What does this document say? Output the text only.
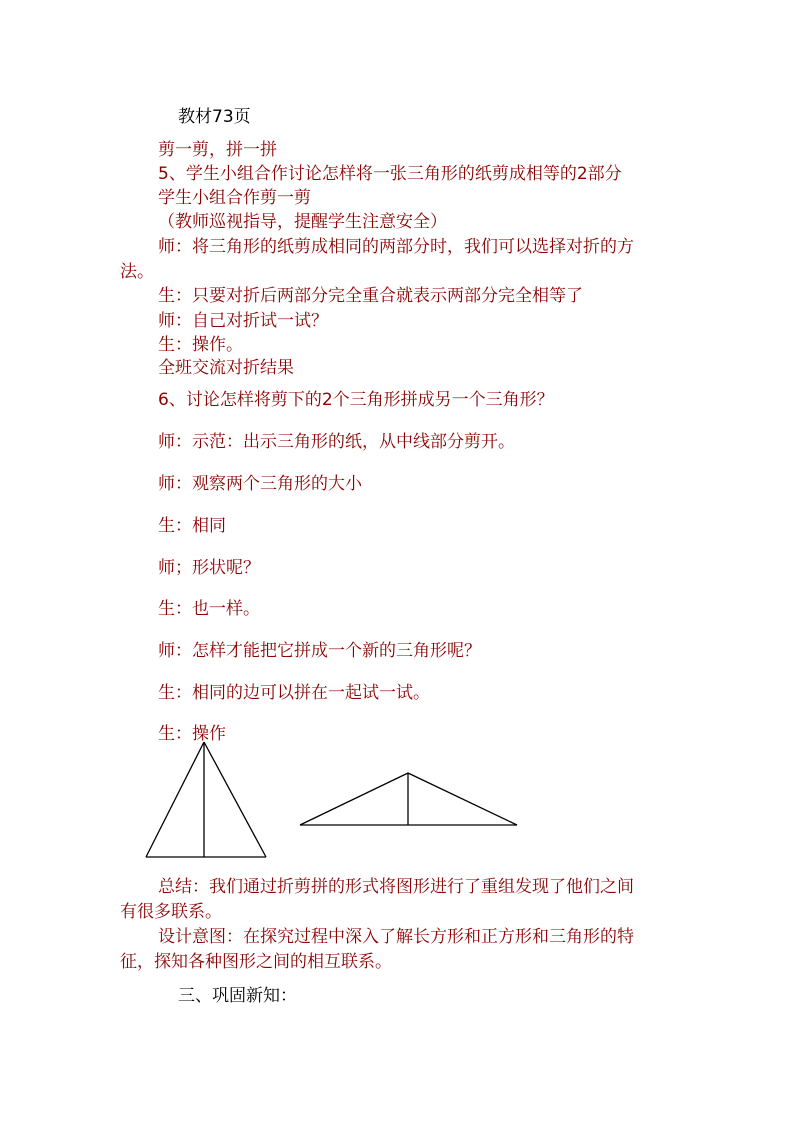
教材73页
剪一剪，拼一拼
5、学生小组合作讨论怎样将一张三角形的纸剪成相等的2部分
学生小组合作剪一剪
（教师巡视指导，提醒学生注意安全）
师：将三角形的纸剪成相同的两部分时，我们可以选择对折的方
法。
生：只要对折后两部分完全重合就表示两部分完全相等了
师：自己对折试一试？
生：操作。
全班交流对折结果
6、讨论怎样将剪下的2个三角形拼成另一个三角形？
师：示范：出示三角形的纸，从中线部分剪开。
师：观察两个三角形的大小
生：相同
师；形状呢？
生：也一样。
师：怎样才能把它拼成一个新的三角形呢？
生：相同的边可以拼在一起试一试。
生：操作
总结：我们通过折剪拼的形式将图形进行了重组发现了他们之间
有很多联系。
设计意图：在探究过程中深入了解长方形和正方形和三角形的特
征，探知各种图形之间的相互联系。
三、巩固新知：
